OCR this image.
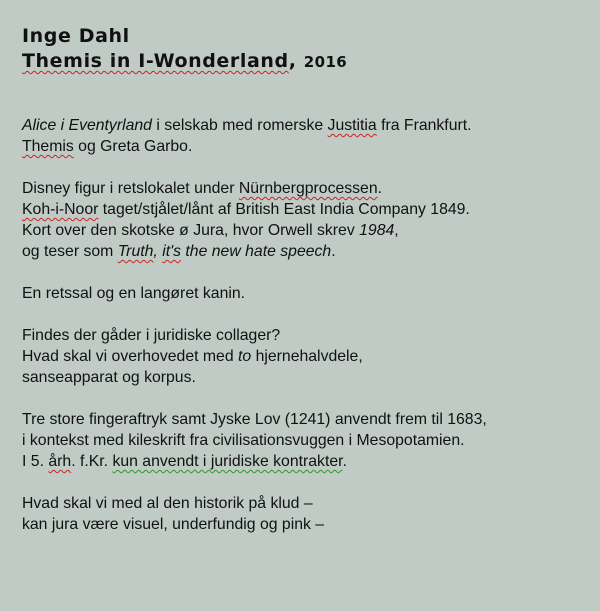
Inge Dahl
Themis in I-Wonderland, 2016
Alice i Eventyrland i selskab med romerske Justitia fra Frankfurt.
Themis og Greta Garbo.
Disney figur i retslokalet under Nürnbergprocessen.
Koh-i-Noor taget/stjålet/lånt af British East India Company 1849.
Kort over den skotske ø Jura, hvor Orwell skrev 1984,
og teser som Truth, it's the new hate speech.
En retssal og en langøret kanin.
Findes der gåder i juridiske collager?
Hvad skal vi overhovedet med to hjernehalvdele,
sanseapparat og korpus.
Tre store fingeraftryk samt Jyske Lov (1241) anvendt frem til 1683,
i kontekst med kileskrift fra civilisationsvuggen i Mesopotamien.
I 5. årh. f.Kr. kun anvendt i juridiske kontrakter.
Hvad skal vi med al den historik på klud –
kan jura være visuel, underfundig og pink –
